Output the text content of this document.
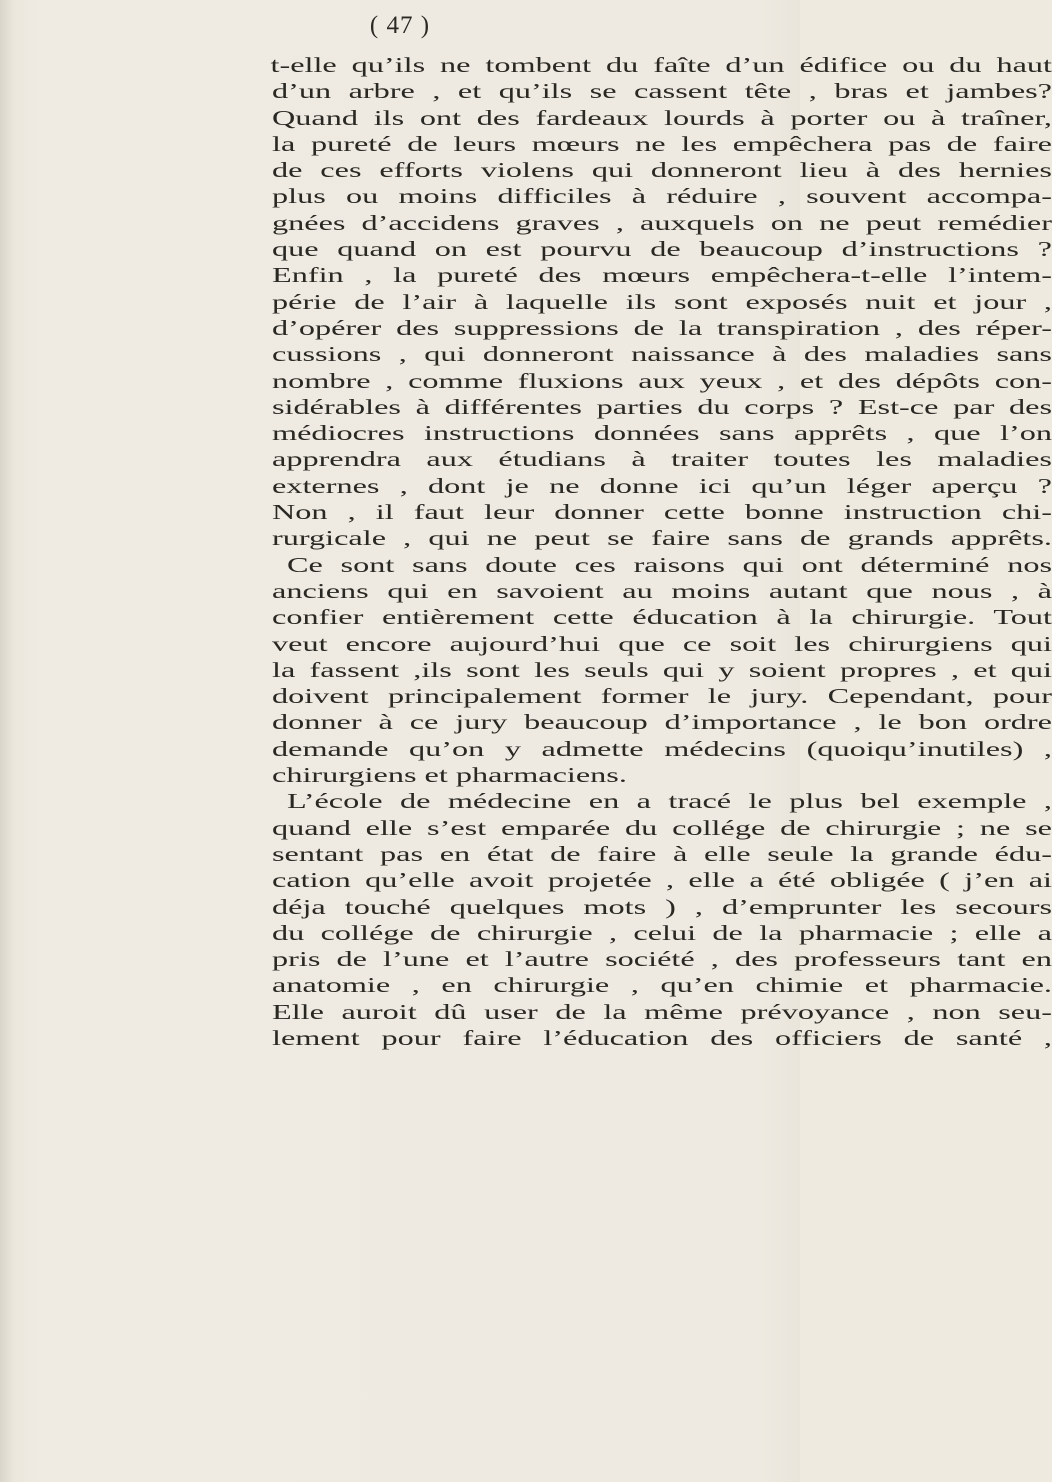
( 47 )
t-elle qu’ils ne tombent du faîte d’un édifice ou du haut
d’un arbre , et qu’ils se cassent tête , bras et jambes?
Quand ils ont des fardeaux lourds à porter ou à traîner,
la pureté de leurs mœurs ne les empêchera pas de faire
de ces efforts violens qui donneront lieu à des hernies
plus ou moins difficiles à réduire , souvent accompa-
gnées d’accidens graves , auxquels on ne peut remédier
que quand on est pourvu de beaucoup d’instructions ?
Enfin , la pureté des mœurs empêchera-t-elle l’intem-
périe de l’air à laquelle ils sont exposés nuit et jour ,
d’opérer des suppressions de la transpiration , des réper-
cussions , qui donneront naissance à des maladies sans
nombre , comme fluxions aux yeux , et des dépôts con-
sidérables à différentes parties du corps ? Est-ce par des
médiocres instructions données sans apprêts , que l’on
apprendra aux étudians à traiter toutes les maladies
externes , dont je ne donne ici qu’un léger aperçu ?
Non , il faut leur donner cette bonne instruction chi-
rurgicale , qui ne peut se faire sans de grands apprêts.
Ce sont sans doute ces raisons qui ont déterminé nos
anciens qui en savoient au moins autant que nous , à
confier entièrement cette éducation à la chirurgie. Tout
veut encore aujourd’hui que ce soit les chirurgiens qui
la fassent ,ils sont les seuls qui y soient propres , et qui
doivent principalement former le jury. Cependant, pour
donner à ce jury beaucoup d’importance , le bon ordre
demande qu’on y admette médecins (quoiqu’inutiles) ,
chirurgiens et pharmaciens.
L’école de médecine en a tracé le plus bel exemple ,
quand elle s’est emparée du collége de chirurgie ; ne se
sentant pas en état de faire à elle seule la grande édu-
cation qu’elle avoit projetée , elle a été obligée ( j’en ai
déja touché quelques mots ) , d’emprunter les secours
du collége de chirurgie , celui de la pharmacie ; elle a
pris de l’une et l’autre société , des professeurs tant en
anatomie , en chirurgie , qu’en chimie et pharmacie.
Elle auroit dû user de la même prévoyance , non seu-
lement pour faire l’éducation des officiers de santé ,
